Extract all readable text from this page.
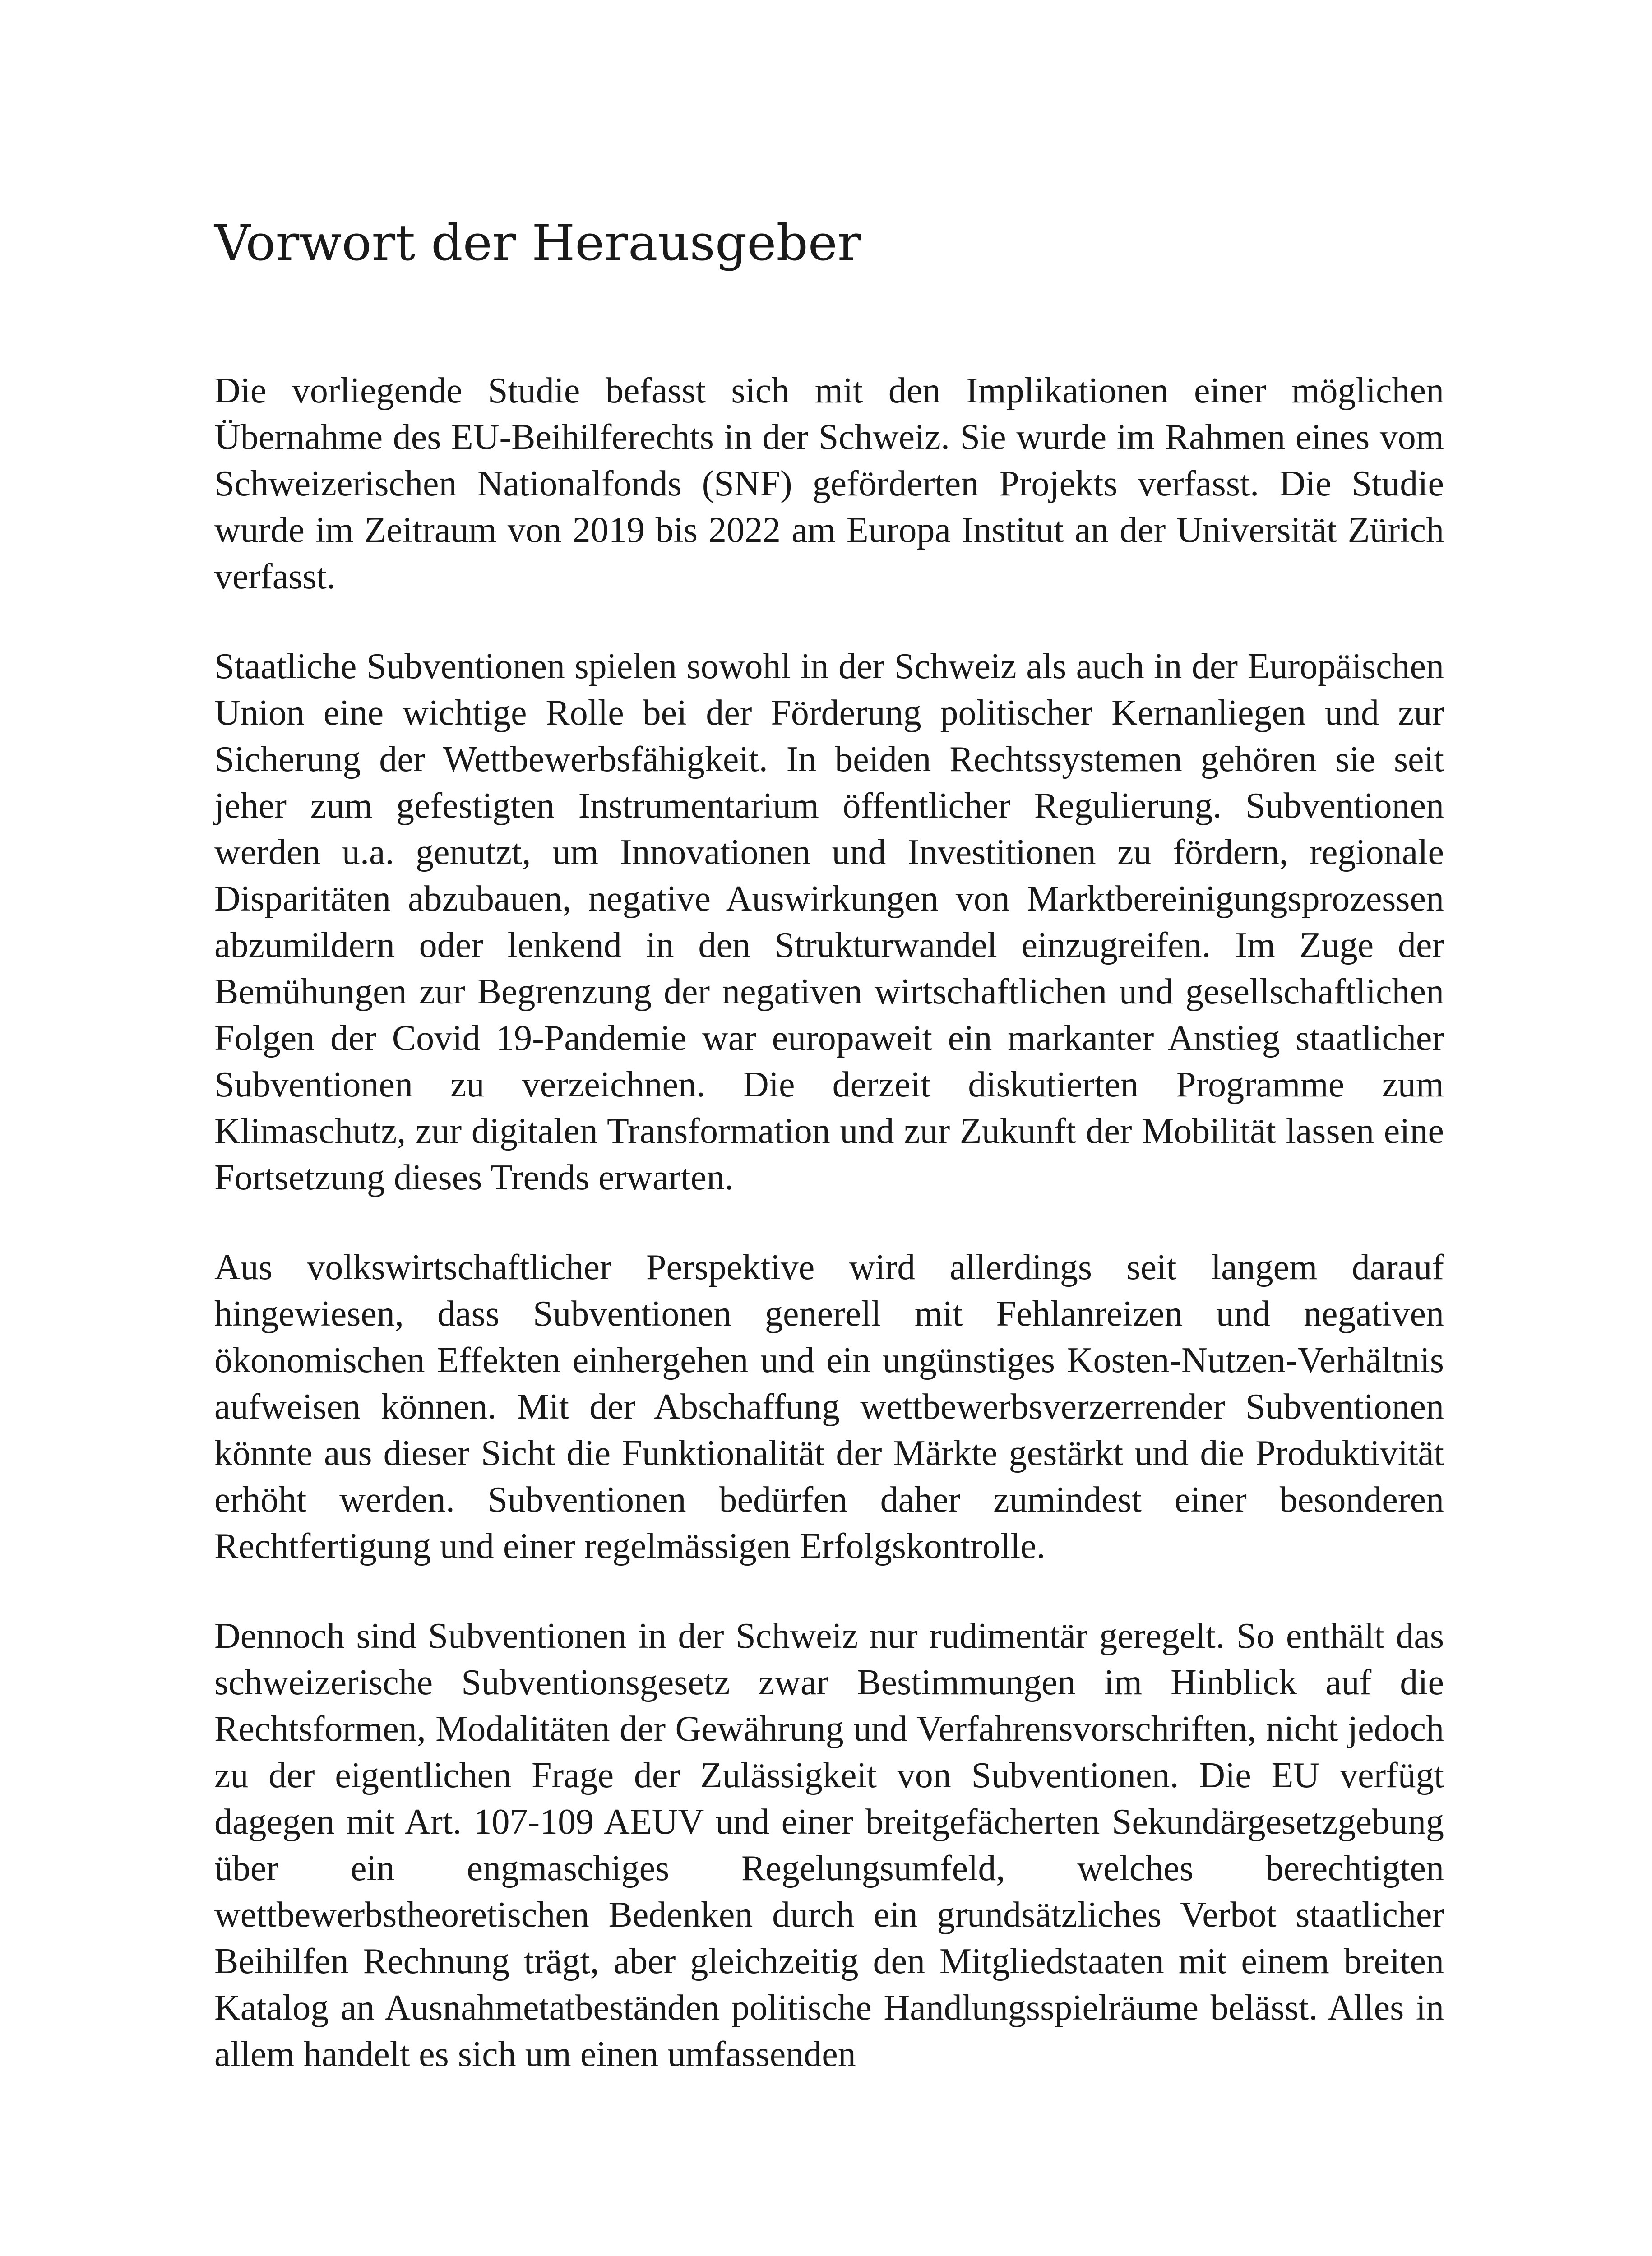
Vorwort der Herausgeber

Die vorliegende Studie befasst sich mit den Implikationen einer möglichen Übernahme des EU-Beihilferechts in der Schweiz. Sie wurde im Rahmen eines vom Schweizerischen Nationalfonds (SNF) geförderten Projekts verfasst. Die Studie wurde im Zeitraum von 2019 bis 2022 am Europa Institut an der Universität Zürich verfasst.

Staatliche Subventionen spielen sowohl in der Schweiz als auch in der Europäischen Union eine wichtige Rolle bei der Förderung politischer Kernanliegen und zur Sicherung der Wettbewerbsfähigkeit. In beiden Rechtssystemen gehören sie seit jeher zum gefestigten Instrumentarium öffentlicher Regulierung. Subventionen werden u.a. genutzt, um Innovationen und Investitionen zu fördern, regionale Disparitäten abzubauen, negative Auswirkungen von Marktbereinigungsprozessen abzumildern oder lenkend in den Strukturwandel einzugreifen. Im Zuge der Bemühungen zur Begrenzung der negativen wirtschaftlichen und gesellschaftlichen Folgen der Covid 19-Pandemie war europaweit ein markanter Anstieg staatlicher Subventionen zu verzeichnen. Die derzeit diskutierten Programme zum Klimaschutz, zur digitalen Transformation und zur Zukunft der Mobilität lassen eine Fortsetzung dieses Trends erwarten.

Aus volkswirtschaftlicher Perspektive wird allerdings seit langem darauf hingewiesen, dass Subventionen generell mit Fehlanreizen und negativen ökonomischen Effekten einhergehen und ein ungünstiges Kosten-Nutzen-Verhältnis aufweisen können. Mit der Abschaffung wettbewerbsverzerrender Subventionen könnte aus dieser Sicht die Funktionalität der Märkte gestärkt und die Produktivität erhöht werden. Subventionen bedürfen daher zumindest einer besonderen Rechtfertigung und einer regelmässigen Erfolgskontrolle.

Dennoch sind Subventionen in der Schweiz nur rudimentär geregelt. So enthält das schweizerische Subventionsgesetz zwar Bestimmungen im Hinblick auf die Rechtsformen, Modalitäten der Gewährung und Verfahrensvorschriften, nicht jedoch zu der eigentlichen Frage der Zulässigkeit von Subventionen. Die EU verfügt dagegen mit Art. 107-109 AEUV und einer breitgefächerten Sekundärgesetzgebung über ein engmaschiges Regelungsumfeld, welches berechtigten wettbewerbstheoretischen Bedenken durch ein grundsätzliches Verbot staatlicher Beihilfen Rechnung trägt, aber gleichzeitig den Mitgliedstaaten mit einem breiten Katalog an Ausnahmetatbeständen politische Handlungsspielräume belässt. Alles in allem handelt es sich um einen umfassenden
